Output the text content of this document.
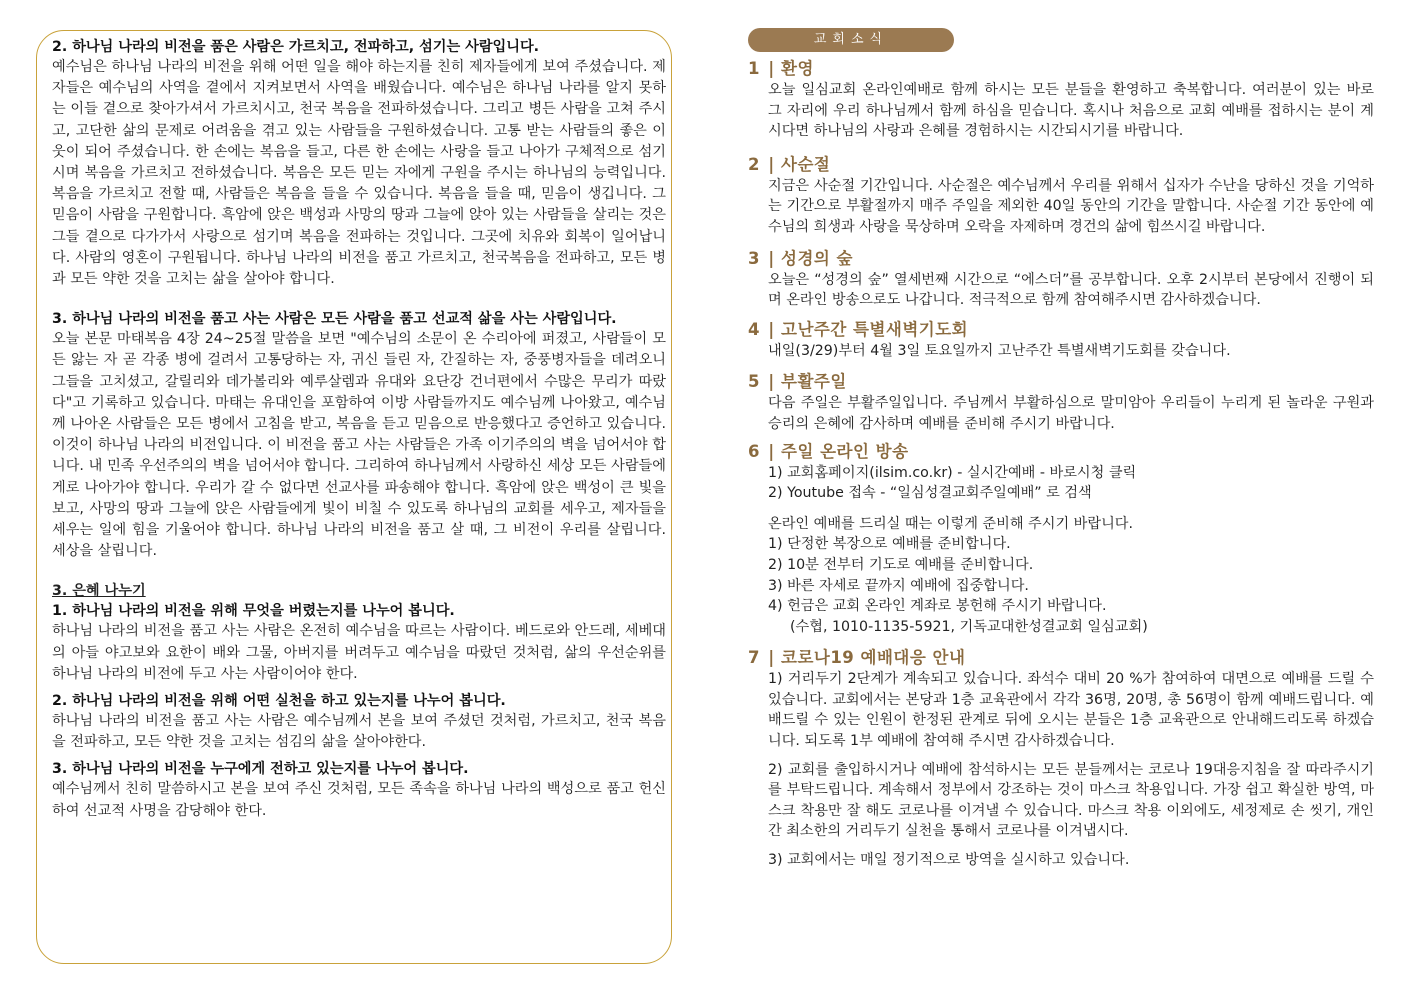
2. 하나님 나라의 비전을 품은 사람은 가르치고, 전파하고, 섬기는 사람입니다.

예수님은 하나님 나라의 비전을 위해 어떤 일을 해야 하는지를 친히 제자들에게 보여 주셨습니다. 제자들은 예수님의 사역을 곁에서 지켜보면서 사역을 배웠습니다. 예수님은 하나님 나라를 알지 못하는 이들 곁으로 찾아가셔서 가르치시고, 천국 복음을 전파하셨습니다. 그리고 병든 사람을 고쳐 주시고, 고단한 삶의 문제로 어려움을 겪고 있는 사람들을 구원하셨습니다. 고통 받는 사람들의 좋은 이웃이 되어 주셨습니다. 한 손에는 복음을 들고, 다른 한 손에는 사랑을 들고 나아가 구체적으로 섬기시며 복음을 가르치고 전하셨습니다. 복음은 모든 믿는 자에게 구원을 주시는 하나님의 능력입니다. 복음을 가르치고 전할 때, 사람들은 복음을 들을 수 있습니다. 복음을 들을 때, 믿음이 생깁니다. 그 믿음이 사람을 구원합니다. 흑암에 앉은 백성과 사망의 땅과 그늘에 앉아 있는 사람들을 살리는 것은 그들 곁으로 다가가서 사랑으로 섬기며 복음을 전파하는 것입니다. 그곳에 치유와 회복이 일어납니다. 사람의 영혼이 구원됩니다. 하나님 나라의 비전을 품고 가르치고, 천국복음을 전파하고, 모든 병과 모든 약한 것을 고치는 삶을 살아야 합니다.

3. 하나님 나라의 비전을 품고 사는 사람은 모든 사람을 품고 선교적 삶을 사는 사람입니다.

오늘 본문 마태복음 4장 24~25절 말씀을 보면 "예수님의 소문이 온 수리아에 퍼졌고, 사람들이 모든 앓는 자 곧 각종 병에 걸려서 고통당하는 자, 귀신 들린 자, 간질하는 자, 중풍병자들을 데려오니 그들을 고치셨고, 갈릴리와 데가볼리와 예루살렘과 유대와 요단강 건너편에서 수많은 무리가 따랐다"고 기록하고 있습니다. 마태는 유대인을 포함하여 이방 사람들까지도 예수님께 나아왔고, 예수님께 나아온 사람들은 모든 병에서 고침을 받고, 복음을 듣고 믿음으로 반응했다고 증언하고 있습니다. 이것이 하나님 나라의 비전입니다. 이 비전을 품고 사는 사람들은 가족 이기주의의 벽을 넘어서야 합니다. 내 민족 우선주의의 벽을 넘어서야 합니다. 그리하여 하나님께서 사랑하신 세상 모든 사람들에게로 나아가야 합니다. 우리가 갈 수 없다면 선교사를 파송해야 합니다. 흑암에 앉은 백성이 큰 빛을 보고, 사망의 땅과 그늘에 앉은 사람들에게 빛이 비칠 수 있도록 하나님의 교회를 세우고, 제자들을 세우는 일에 힘을 기울어야 합니다. 하나님 나라의 비전을 품고 살 때, 그 비전이 우리를 살립니다. 세상을 살립니다.

3. 은혜 나누기

1. 하나님 나라의 비전을 위해 무엇을 버렸는지를 나누어 봅니다.

하나님 나라의 비전을 품고 사는 사람은 온전히 예수님을 따르는 사람이다. 베드로와 안드레, 세베대의 아들 야고보와 요한이 배와 그물, 아버지를 버려두고 예수님을 따랐던 것처럼, 삶의 우선순위를 하나님 나라의 비전에 두고 사는 사람이어야 한다.

2. 하나님 나라의 비전을 위해 어떤 실천을 하고 있는지를 나누어 봅니다.

하나님 나라의 비전을 품고 사는 사람은 예수님께서 본을 보여 주셨던 것처럼, 가르치고, 천국 복음을 전파하고, 모든 약한 것을 고치는 섬김의 삶을 살아야한다.

3. 하나님 나라의 비전을 누구에게 전하고 있는지를 나누어 봅니다.

예수님께서 친히 말씀하시고 본을 보여 주신 것처럼, 모든 족속을 하나님 나라의 백성으로 품고 헌신하여 선교적 사명을 감당해야 한다.

교회소식

1 | 환영

오늘 일심교회 온라인예배로 함께 하시는 모든 분들을 환영하고 축복합니다. 여러분이 있는 바로 그 자리에 우리 하나님께서 함께 하심을 믿습니다. 혹시나 처음으로 교회 예배를 접하시는 분이 계시다면 하나님의 사랑과 은혜를 경험하시는 시간되시기를 바랍니다.

2 | 사순절

지금은 사순절 기간입니다. 사순절은 예수님께서 우리를 위해서 십자가 수난을 당하신 것을 기억하는 기간으로 부활절까지 매주 주일을 제외한 40일 동안의 기간을 말합니다. 사순절 기간 동안에 예수님의 희생과 사랑을 묵상하며 오락을 자제하며 경건의 삶에 힘쓰시길 바랍니다.

3 | 성경의 숲

오늘은 “성경의 숲” 열세번째 시간으로 “에스더”를 공부합니다. 오후 2시부터 본당에서 진행이 되며 온라인 방송으로도 나갑니다. 적극적으로 함께 참여해주시면 감사하겠습니다.

4 | 고난주간 특별새벽기도회

내일(3/29)부터 4월 3일 토요일까지 고난주간 특별새벽기도회를 갖습니다.

5 | 부활주일

다음 주일은 부활주일입니다. 주님께서 부활하심으로 말미암아 우리들이 누리게 된 놀라운 구원과 승리의 은혜에 감사하며 예배를 준비해 주시기 바랍니다.

6 | 주일 온라인 방송

1) 교회홈페이지(ilsim.co.kr) - 실시간예배 - 바로시청 클릭

2) Youtube 접속 - “일심성결교회주일예배” 로 검색

온라인 예배를 드리실 때는 이렇게 준비해 주시기 바랍니다.

1) 단정한 복장으로 예배를 준비합니다.

2) 10분 전부터 기도로 예배를 준비합니다.

3) 바른 자세로 끝까지 예배에 집중합니다.

4) 헌금은 교회 온라인 계좌로 봉헌해 주시기 바랍니다.

(수협, 1010-1135-5921, 기독교대한성결교회 일심교회)

7 | 코로나19 예배대응 안내

1) 거리두기 2단계가 계속되고 있습니다. 좌석수 대비 20 %가 참여하여 대면으로 예배를 드릴 수 있습니다. 교회에서는 본당과 1층 교육관에서 각각 36명, 20명, 총 56명이 함께 예배드립니다. 예배드릴 수 있는 인원이 한정된 관계로 뒤에 오시는 분들은 1층 교육관으로 안내해드리도록 하겠습니다. 되도록 1부 예배에 참여해 주시면 감사하겠습니다.

2) 교회를 출입하시거나 예배에 참석하시는 모든 분들께서는 코로나 19대응지침을 잘 따라주시기를 부탁드립니다. 계속해서 정부에서 강조하는 것이 마스크 착용입니다. 가장 쉽고 확실한 방역, 마스크 착용만 잘 해도 코로나를 이겨낼 수 있습니다. 마스크 착용 이외에도, 세정제로 손 씻기, 개인 간 최소한의 거리두기 실천을 통해서 코로나를 이겨냅시다.

3) 교회에서는 매일 정기적으로 방역을 실시하고 있습니다.
